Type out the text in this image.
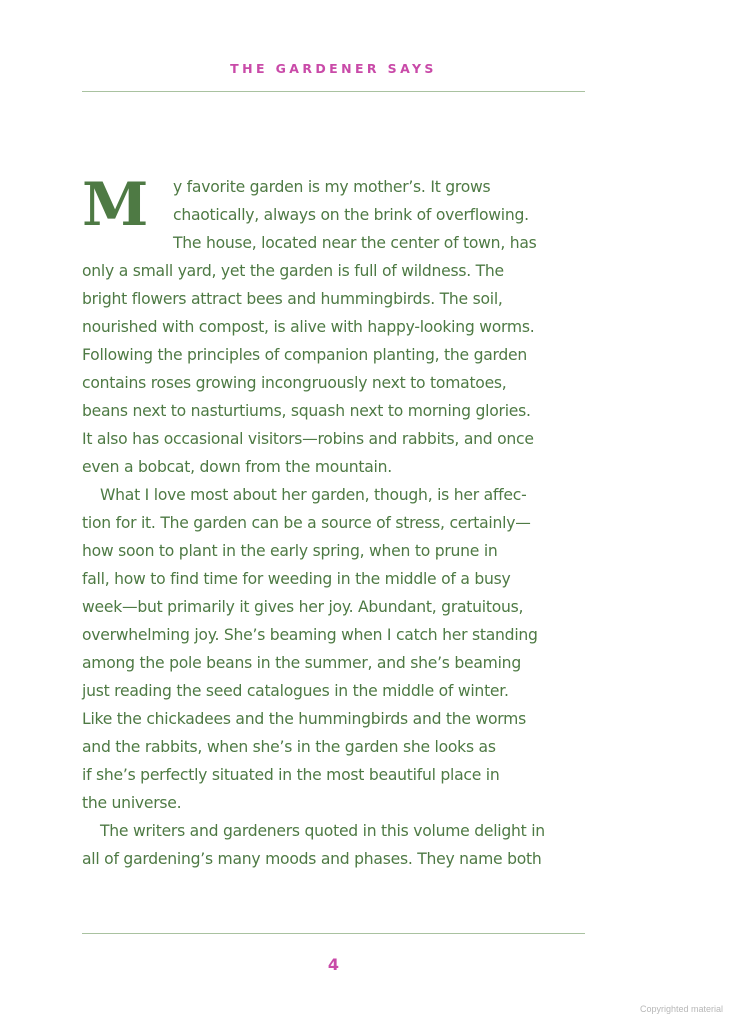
THE GARDENER SAYS
M y favorite garden is my mother’s. It grows
chaotically, always on the brink of overflowing.
The house, located near the center of town, has
only a small yard, yet the garden is full of wildness. The
bright flowers attract bees and hummingbirds. The soil,
nourished with compost, is alive with happy-looking worms.
Following the principles of companion planting, the garden
contains roses growing incongruously next to tomatoes,
beans next to nasturtiums, squash next to morning glories.
It also has occasional visitors—robins and rabbits, and once
even a bobcat, down from the mountain.
What I love most about her garden, though, is her affec-
tion for it. The garden can be a source of stress, certainly—
how soon to plant in the early spring, when to prune in
fall, how to find time for weeding in the middle of a busy
week—but primarily it gives her joy. Abundant, gratuitous,
overwhelming joy. She’s beaming when I catch her standing
among the pole beans in the summer, and she’s beaming
just reading the seed catalogues in the middle of winter.
Like the chickadees and the hummingbirds and the worms
and the rabbits, when she’s in the garden she looks as
if she’s perfectly situated in the most beautiful place in
the universe.
The writers and gardeners quoted in this volume delight in
all of gardening’s many moods and phases. They name both
4
Copyrighted material
